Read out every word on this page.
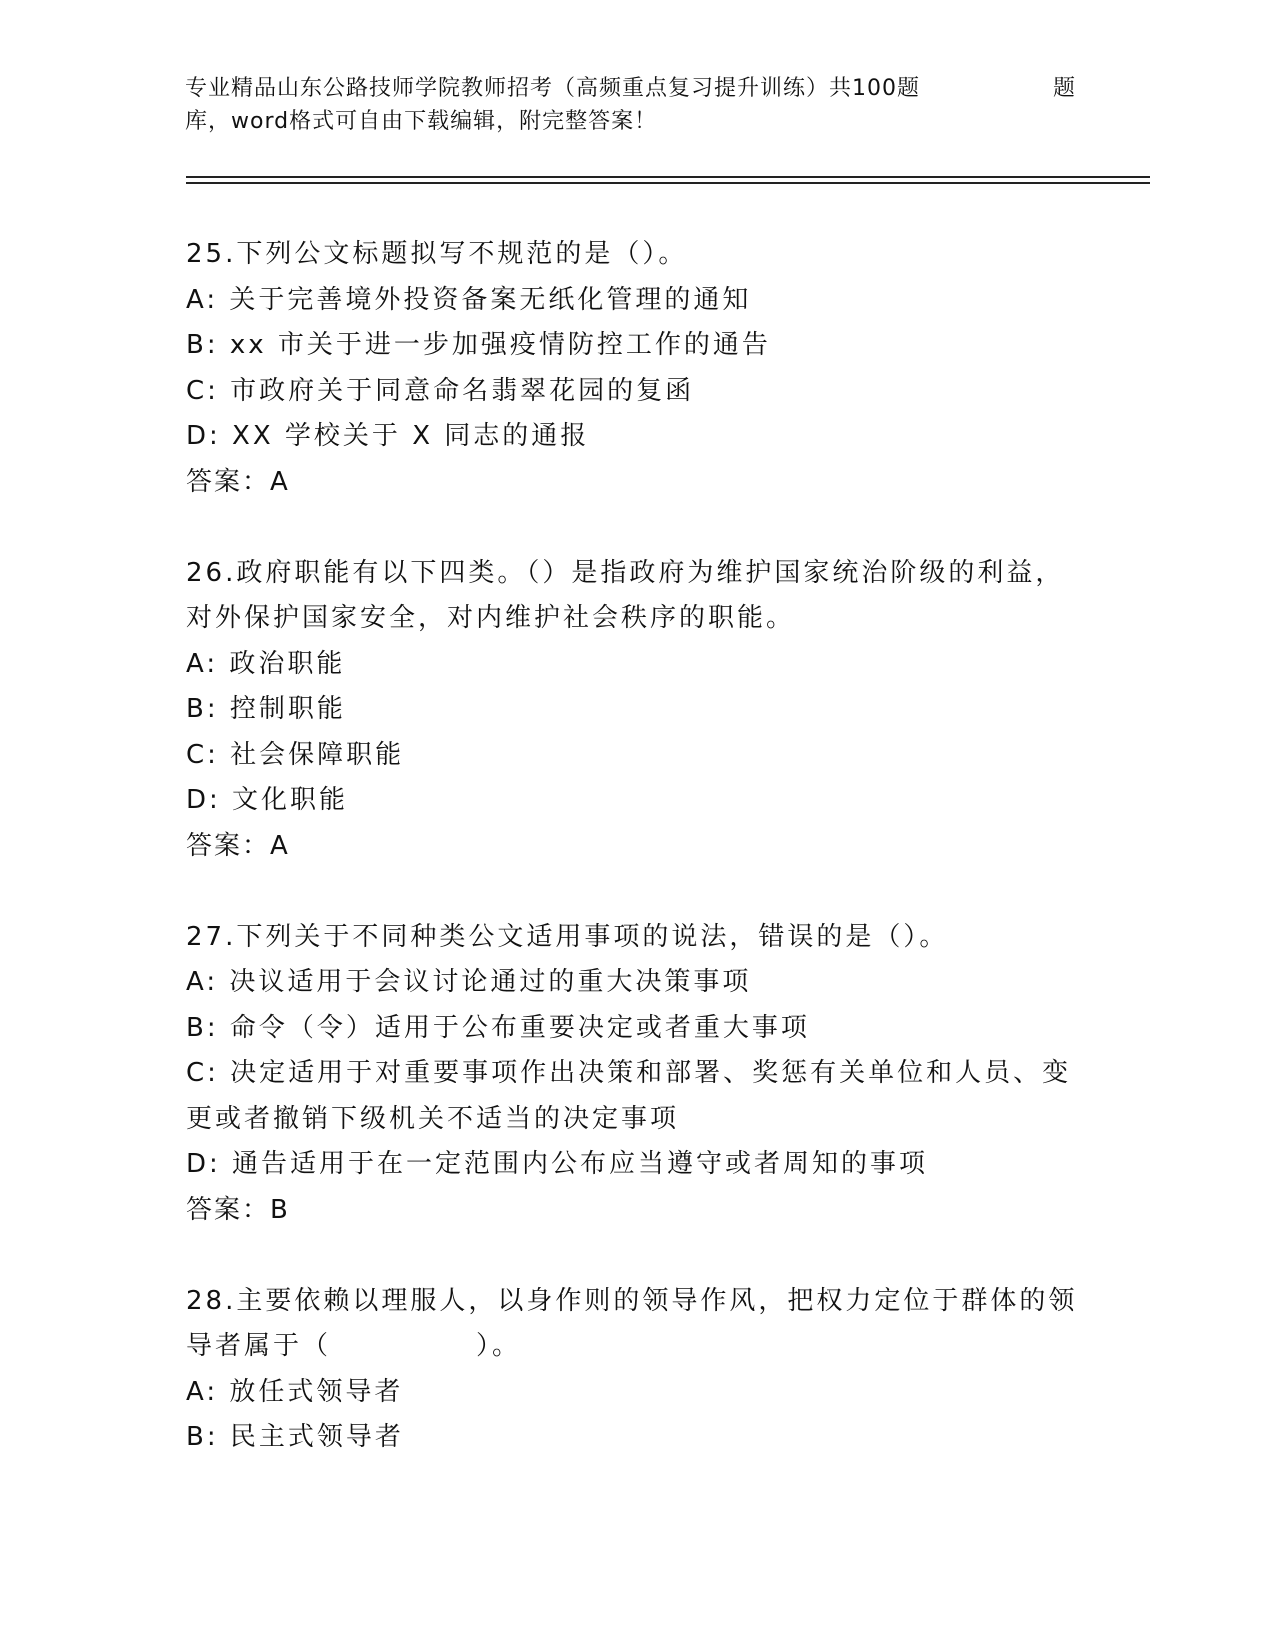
专业精品山东公路技师学院教师招考（高频重点复习提升训练）共100题
库，word格式可自由下载编辑，附完整答案！
题
25.下列公文标题拟写不规范的是（）。
A: 关于完善境外投资备案无纸化管理的通知
B: xx 市关于进一步加强疫情防控工作的通告
C: 市政府关于同意命名翡翠花园的复函
D: XX 学校关于 X 同志的通报
答案：A
26.政府职能有以下四类。（）是指政府为维护国家统治阶级的利益，
对外保护国家安全，对内维护社会秩序的职能。
A: 政治职能
B: 控制职能
C: 社会保障职能
D: 文化职能
答案：A
27.下列关于不同种类公文适用事项的说法，错误的是（）。
A: 决议适用于会议讨论通过的重大决策事项
B: 命令（令）适用于公布重要决定或者重大事项
C: 决定适用于对重要事项作出决策和部署、奖惩有关单位和人员、变
更或者撤销下级机关不适当的决定事项
D: 通告适用于在一定范围内公布应当遵守或者周知的事项
答案：B
28.主要依赖以理服人，以身作则的领导作风，把权力定位于群体的领
导者属于（　　　　　）。
A: 放任式领导者
B: 民主式领导者
